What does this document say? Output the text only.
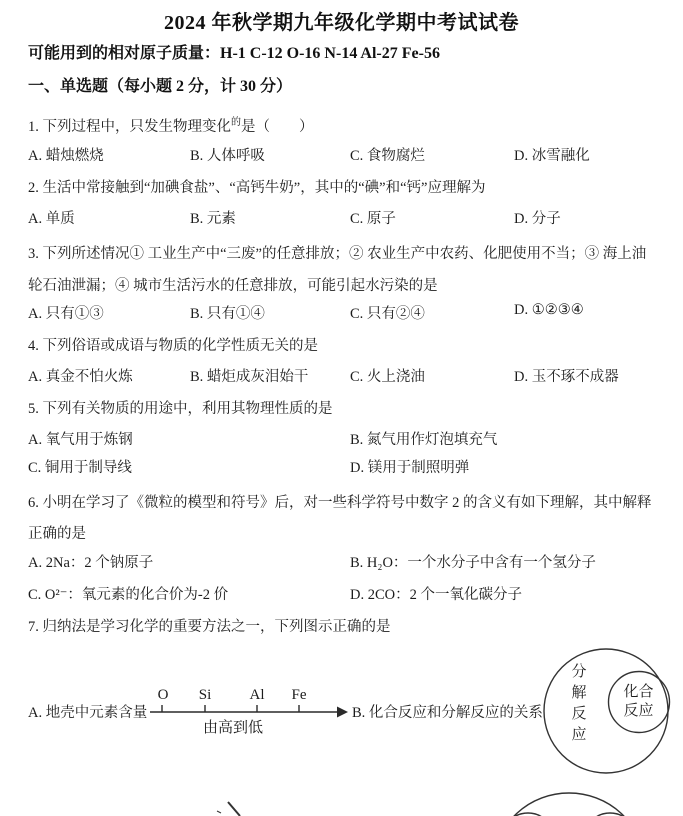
2024 年秋学期九年级化学期中考试试卷
可能用到的相对原子质量：H-1 C-12 O-16 N-14 Al-27 Fe-56
一、单选题（每小题 2 分，计 30 分）
1. 下列过程中，只发生物理变化$^的$是（　　）
A. 蜡烛燃烧	B. 人体呼吸	C. 食物腐烂	D. 冰雪融化
2. 生活中常接触到“加碘食盐”、“高钙牛奶”，其中的“碘”和“钙”应理解为
A. 单质	B. 元素	C. 原子	D. 分子
3. 下列所述情况① 工业生产中“三废”的任意排放；② 农业生产中农药、化肥使用不当；③ 海上油轮石油泄漏；④ 城市生活污水的任意排放，可能引起水污染的是
A. 只有①③	B. 只有①④	C. 只有②④	D. ①②③④
4. 下列俗语或成语与物质的化学性质无关的是
A. 真金不怕火炼	B. 蜡炬成灰泪始干	C. 火上浇油	D. 玉不琢不成器
5. 下列有关物质的用途中，利用其物理性质的是
A. 氧气用于炼钢	B. 氮气用作灯泡填充气
C. 铜用于制导线	D. 镁用于制照明弹
6. 小明在学习了《微粒的模型和符号》后，对一些科学符号中数字 2 的含义有如下理解，其中解释正确的是
A. 2Na：2 个钠原子	B. H₂O：一个水分子中含有一个氢分子
C. O²⁻：氧元素的化合价为-2 价	D. 2CO：2 个一氧化碳分子
7. 归纳法是学习化学的重要方法之一，下列图示正确的是
A. 地壳中元素含量	B. 化合反应和分解反应的关系
O	Si	Al Fe
由高到低
分解反应
化合反应
